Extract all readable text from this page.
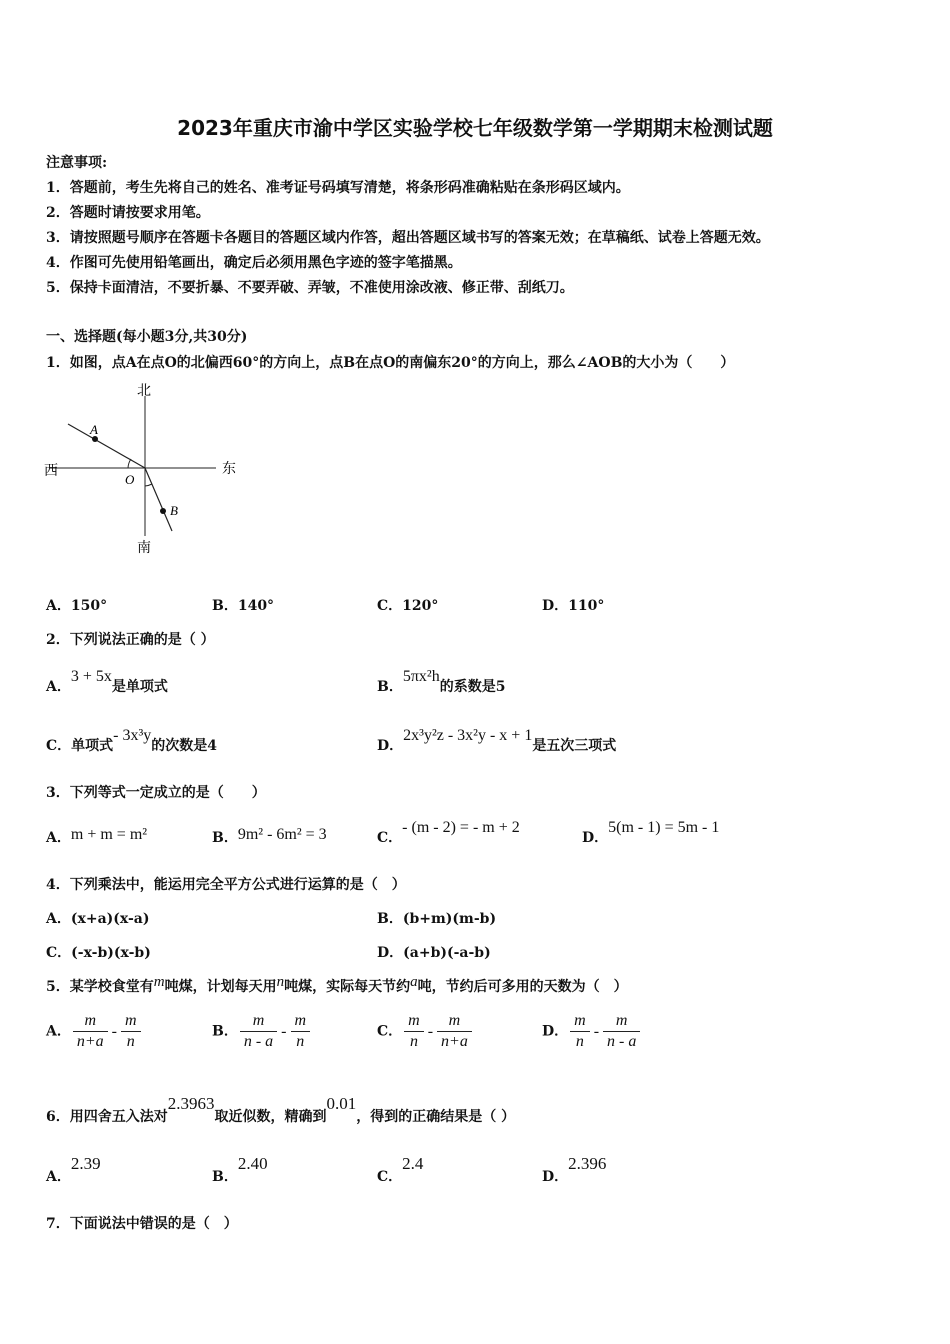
2023年重庆市渝中学区实验学校七年级数学第一学期期末检测试题
注意事项:
1．答题前，考生先将自己的姓名、准考证号码填写清楚，将条形码准确粘贴在条形码区域内。
2．答题时请按要求用笔。
3．请按照题号顺序在答题卡各题目的答题区域内作答，超出答题区域书写的答案无效；在草稿纸、试卷上答题无效。
4．作图可先使用铅笔画出，确定后必须用黑色字迹的签字笔描黑。
5．保持卡面清洁，不要折暴、不要弄破、弄皱，不准使用涂改液、修正带、刮纸刀。
一、选择题(每小题3分,共30分)
1．如图，点A在点O的北偏西60°的方向上，点B在点O的南偏东20°的方向上，那么∠AOB的大小为（　　）
北
南
西	东
A
B
O
A．150°	B．140°	C．120°	D．110°
2．下列说法正确的是（ ）
A．3 + 5x是单项式	B．5πx²h的系数是5
C．单项式- 3x³y的次数是4	D．2x³y²z - 3x²y - x + 1是五次三项式
3．下列等式一定成立的是（　　）
A．m + m = m²	B．9m² - 6m² = 3	C．- (m - 2) = - m + 2
D．5(m - 1) = 5m - 1
4．下列乘法中，能运用完全平方公式进行运算的是（　）
A．(x+a)(x-a)	B．(b+m)(m-b)
C．(-x-b)(x-b)	D．(a+b)(-a-b)
5．某学校食堂有m吨煤，计划每天用n吨煤，实际每天节约a吨，节约后可多用的天数为（　）
A． $\frac{m}{n+a} - \frac{m}{n}$	B． $\frac{m}{n - a} - \frac{m}{n}$	C． $\frac{m}{n} - \frac{m}{n+a}$	D． $\frac{m}{n} - \frac{m}{n - a}$
6．用四舍五入法对2.3963取近似数，精确到0.01，得到的正确结果是（ ）
A．2.39
B．2.40
C．2.4
D．2.396
7．下面说法中错误的是（　）
